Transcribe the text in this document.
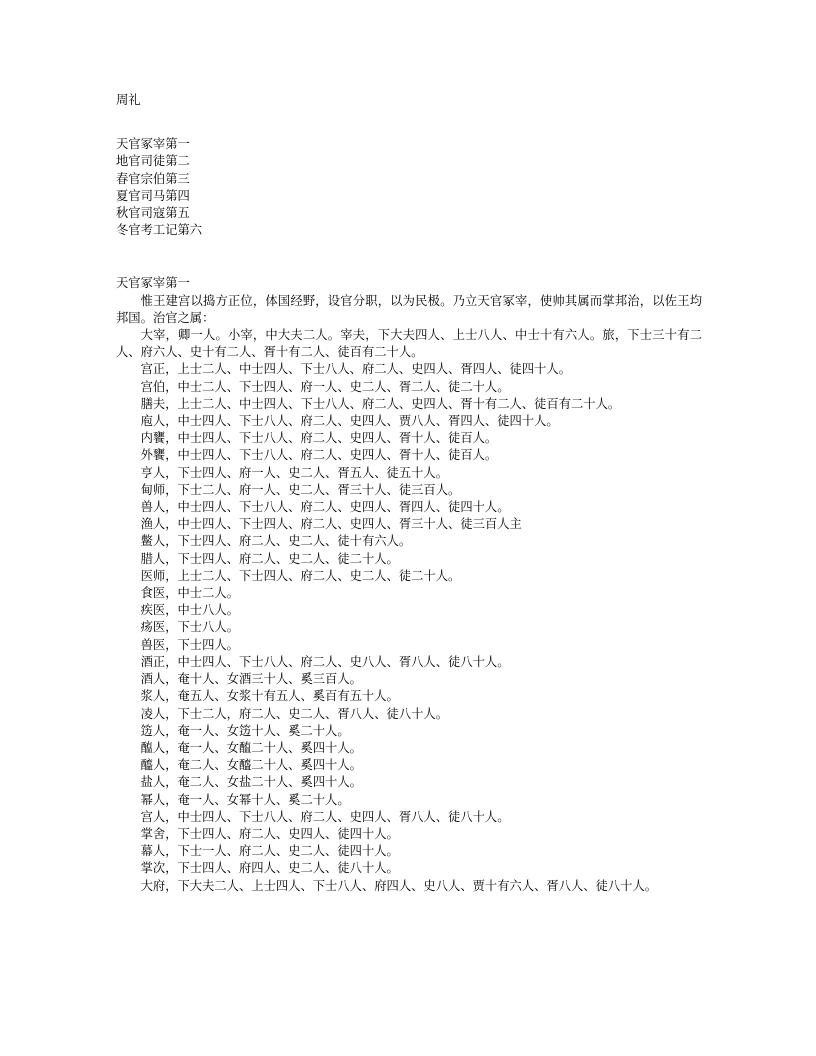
周礼
天官冢宰第一
地官司徒第二
春官宗伯第三
夏官司马第四
秋官司寇第五
冬官考工记第六
天官冢宰第一

惟王建宫以捣方正位，体国经野，设官分职，以为民极。乃立天官冢宰，使帅其属而掌邦治，以佐王均邦国。治官之属：

大宰，卿一人。小宰，中大夫二人。宰夫，下大夫四人、上士八人、中士十有六人。旅，下士三十有二人、府六人、史十有二人、胥十有二人、徒百有二十人。

宫正，上士二人、中士四人、下士八人、府二人、史四人、胥四人、徒四十人。

宫伯，中士二人、下士四人、府一人、史二人、胥二人、徒二十人。

膳夫，上士二人、中士四人、下士八人、府二人、史四人、胥十有二人、徒百有二十人。

庖人，中士四人、下士八人、府二人、史四人、贾八人、胥四人、徒四十人。

内饔，中士四人、下士八人、府二人、史四人、胥十人、徒百人。

外饔，中士四人、下士八人、府二人、史四人、胥十人、徒百人。

亨人，下士四人、府一人、史二人、胥五人、徒五十人。

甸师，下士二人、府一人、史二人、胥三十人、徒三百人。

兽人，中士四人、下士八人、府二人、史四人、胥四人、徒四十人。

渔人，中士四人、下士四人、府二人、史四人、胥三十人、徒三百人主

鳖人，下士四人、府二人、史二人、徒十有六人。

腊人，下士四人、府二人、史二人、徒二十人。

医师，上士二人、下士四人、府二人、史二人、徒二十人。

食医，中士二人。

疾医，中士八人。

疡医，下士八人。

兽医，下士四人。

酒正，中士四人、下士八人、府二人、史八人、胥八人、徒八十人。

酒人，奄十人、女酒三十人、奚三百人。

浆人，奄五人、女浆十有五人、奚百有五十人。

凌人，下士二人，府二人、史二人、胥八人、徒八十人。

笾人，奄一人、女笾十人、奚二十人。

醢人，奄一人、女醢二十人、奚四十人。

醯人，奄二人、女醯二十人、奚四十人。

盐人，奄二人、女盐二十人、奚四十人。

幂人，奄一人、女幂十人、奚二十人。

宫人，中士四人、下士八人、府二人、史四人、胥八人、徒八十人。

掌舍，下士四人、府二人、史四人、徒四十人。

幕人，下士一人、府二人、史二人、徒四十人。

掌次，下士四人、府四人、史二人、徒八十人。

大府，下大夫二人、上士四人、下士八人、府四人、史八人、贾十有六人、胥八人、徒八十人。
